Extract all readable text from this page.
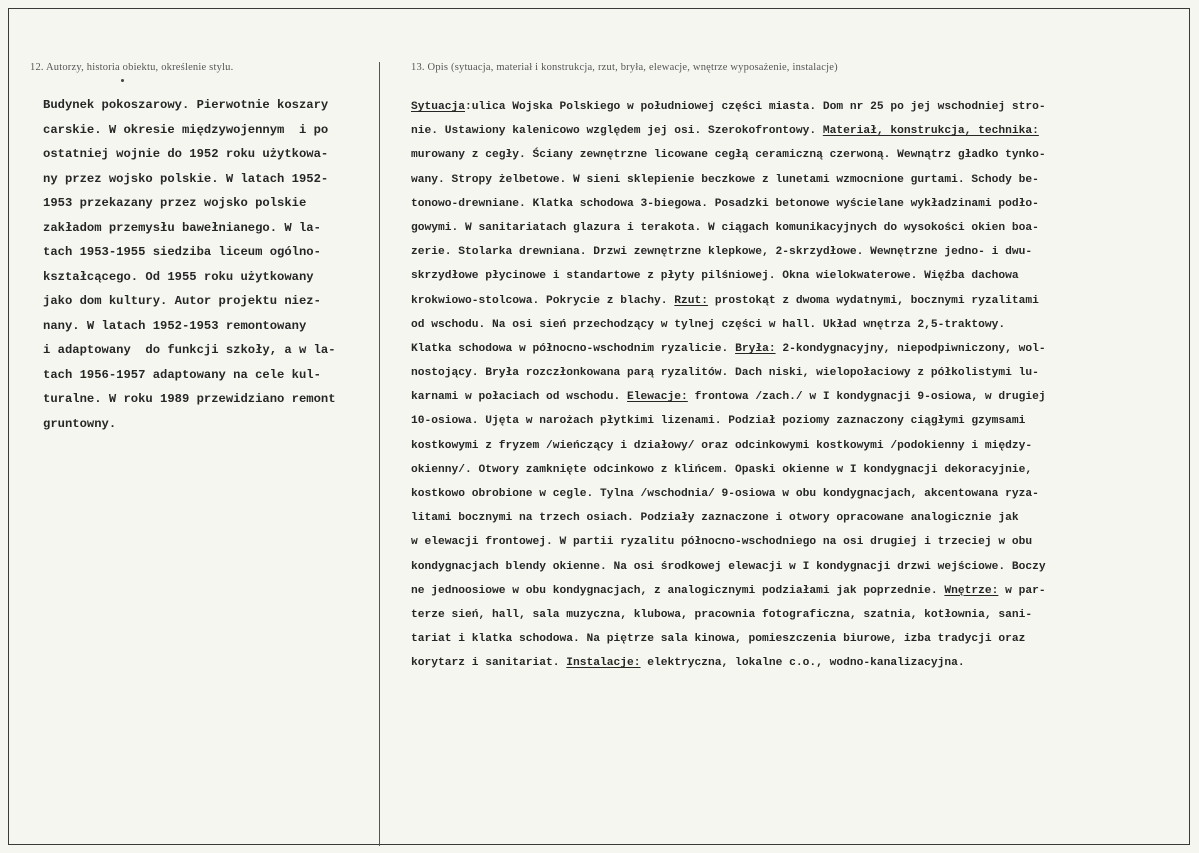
12. Autorzy, historia obiektu, określenie stylu.	13. Opis (sytuacja, materiał i konstrukcja, rzut, bryła, elewacje, wnętrze wyposażenie, instalacje)
Budynek pokoszarowy. Pierwotnie koszary
carskie. W okresie międzywojennym  i po
ostatniej wojnie do 1952 roku użytkowa-
ny przez wojsko polskie. W latach 1952-
1953 przekazany przez wojsko polskie
zakładom przemysłu bawełnianego. W la-
tach 1953-1955 siedziba liceum ogólno-
kształcącego. Od 1955 roku użytkowany
jako dom kultury. Autor projektu niez-
nany. W latach 1952-1953 remontowany
i adaptowany  do funkcji szkoły, a w la-
tach 1956-1957 adaptowany na cele kul-
turalne. W roku 1989 przewidziano remont
gruntowny.
Sytuacja:ulica Wojska Polskiego w południowej części miasta. Dom nr 25 po jej wschodniej stro-
nie. Ustawiony kalenicowo względem jej osi. Szerokofrontowy. Materiał, konstrukcja, technika:
murowany z cegły. Ściany zewnętrzne licowane cegłą ceramiczną czerwoną. Wewnątrz gładko tynko-
wany. Stropy żelbetowe. W sieni sklepienie beczkowe z lunetami wzmocnione gurtami. Schody be-
tonowo-drewniane. Klatka schodowa 3-biegowa. Posadzki betonowe wyścielane wykładzinami podło-
gowymi. W sanitariatach glazura i terakota. W ciągach komunikacyjnych do wysokości okien boa-
zerie. Stolarka drewniana. Drzwi zewnętrzne klepkowe, 2-skrzydłowe. Wewnętrzne jedno- i dwu-
skrzydłowe płycinowe i standartowe z płyty pilśniowej. Okna wielokwaterowe. Więźba dachowa
krokwiowo-stolcowa. Pokrycie z blachy. Rzut: prostokąt z dwoma wydatnymi, bocznymi ryzalitami
od wschodu. Na osi sień przechodzący w tylnej części w hall. Układ wnętrza 2,5-traktowy.
Klatka schodowa w północno-wschodnim ryzalicie. Bryła: 2-kondygnacyjny, niepodpiwniczony, wol-
nostojący. Bryła rozczłonkowana parą ryzalitów. Dach niski, wielopołaciowy z półkolistymi lu-
karnami w połaciach od wschodu. Elewacje: frontowa /zach./ w I kondygnacji 9-osiowa, w drugiej
10-osiowa. Ujęta w narożach płytkimi lizenami. Podział poziomy zaznaczony ciągłymi gzymsami
kostkowymi z fryzem /wieńczący i działowy/ oraz odcinkowymi kostkowymi /podokienny i między-
okienny/. Otwory zamknięte odcinkowo z klińcem. Opaski okienne w I kondygnacji dekoracyjnie,
kostkowo obrobione w cegle. Tylna /wschodnia/ 9-osiowa w obu kondygnacjach, akcentowana ryza-
litami bocznymi na trzech osiach. Podziały zaznaczone i otwory opracowane analogicznie jak
w elewacji frontowej. W partii ryzalitu północno-wschodniego na osi drugiej i trzeciej w obu
kondygnacjach blendy okienne. Na osi środkowej elewacji w I kondygnacji drzwi wejściowe. Boczy
ne jednoosiowe w obu kondygnacjach, z analogicznymi podziałami jak poprzednie. Wnętrze: w par-
terze sień, hall, sala muzyczna, klubowa, pracownia fotograficzna, szatnia, kotłownia, sani-
tariat i klatka schodowa. Na piętrze sala kinowa, pomieszczenia biurowe, izba tradycji oraz
korytarz i sanitariat. Instalacje: elektryczna, lokalne c.o., wodno-kanalizacyjna.
